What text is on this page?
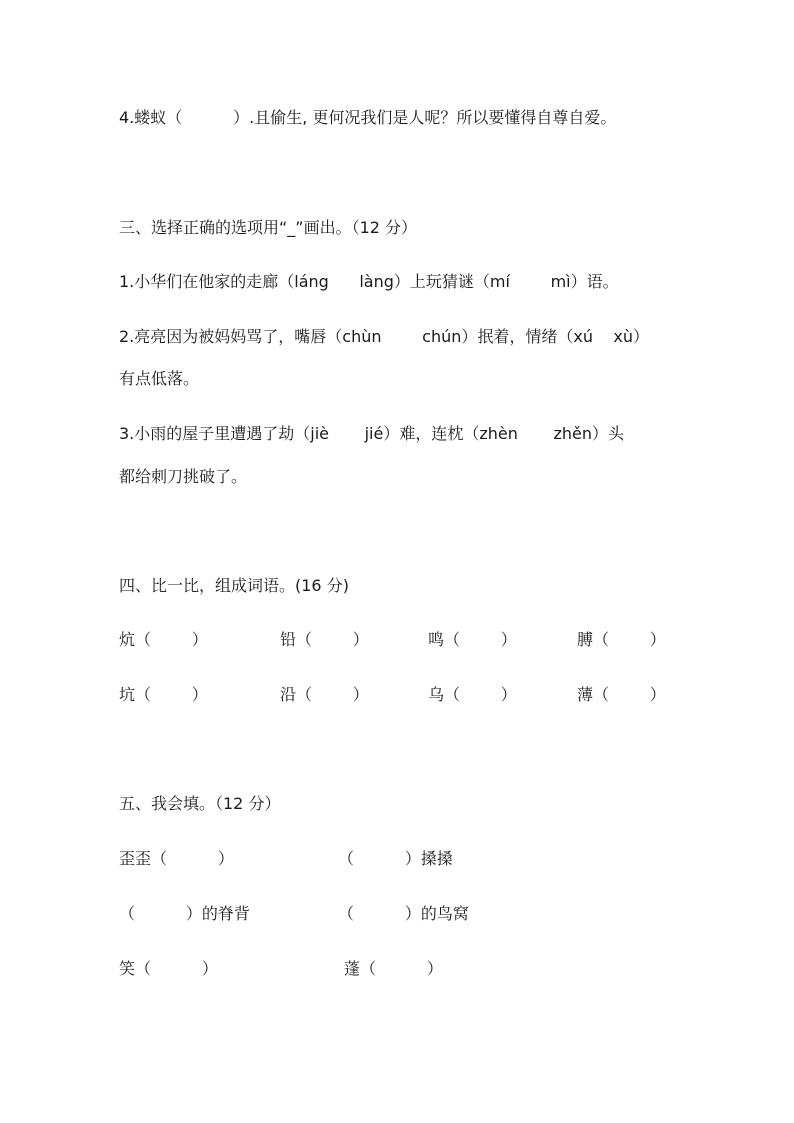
4.蝼蚁（          ）.且偷生, 更何况我们是人呢？所以要懂得自尊自爱。
三、选择正确的选项用“_”画出。（12 分）
1.小华们在他家的走廊（láng      làng）上玩猜谜（mí        mì）语。
2.亮亮因为被妈妈骂了，嘴唇（chùn        chún）抿着，情绪（xú    xù）
有点低落。
3.小雨的屋子里遭遇了劫（jiè       jié）难，连枕（zhèn       zhěn）头
都给刺刀挑破了。
四、比一比，组成词语。(16 分)
炕（        ）	铅（        ）	鸣（        ）	膊（        ）
坑（        ）	沿（        ）	乌（        ）	薄（        ）
五、我会填。（12 分）
歪歪（          ）	（          ）搡搡
（          ）的脊背	（          ）的鸟窝
笑（          ）	蓬（          ）
